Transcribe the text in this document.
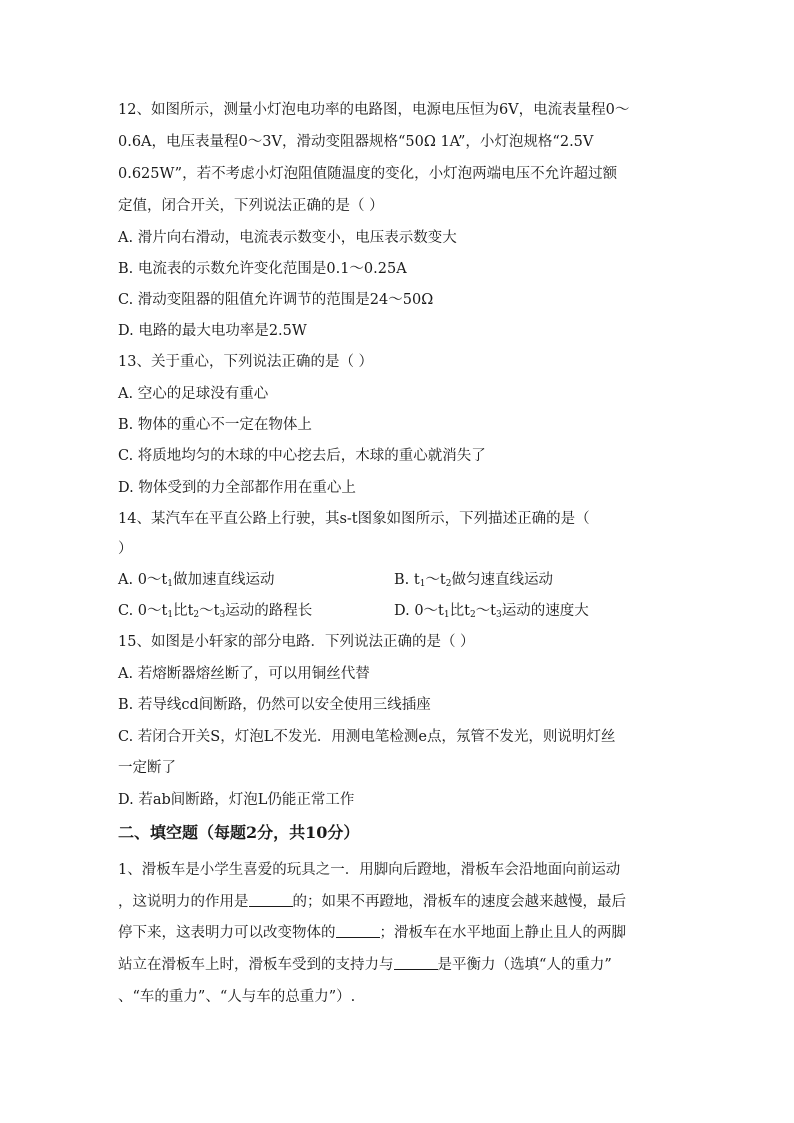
12、如图所示，测量小灯泡电功率的电路图，电源电压恒为6V，电流表量程0～
0.6A，电压表量程0～3V，滑动变阻器规格“50Ω 1A”，小灯泡规格“2.5V
0.625W”，若不考虑小灯泡阻值随温度的变化，小灯泡两端电压不允许超过额
定值，闭合开关，下列说法正确的是（ ）
A. 滑片向右滑动，电流表示数变小，电压表示数变大
B. 电流表的示数允许变化范围是0.1～0.25A
C. 滑动变阻器的阻值允许调节的范围是24～50Ω
D. 电路的最大电功率是2.5W
13、关于重心，下列说法正确的是（ ）
A. 空心的足球没有重心
B. 物体的重心不一定在物体上
C. 将质地均匀的木球的中心挖去后，木球的重心就消失了
D. 物体受到的力全部都作用在重心上
14、某汽车在平直公路上行驶，其s-t图象如图所示，下列描述正确的是（
）
A. $0\sim t_1$做加速直线运动	B. $t_1\sim t_2$做匀速直线运动
C. $0\sim t_1$比$t_2\sim t_3$运动的路程长	D. $0\sim t_1$比$t_2\sim t_3$运动的速度大
15、如图是小轩家的部分电路．下列说法正确的是（ ）
A. 若熔断器熔丝断了，可以用铜丝代替
B. 若导线cd间断路，仍然可以安全使用三线插座
C. 若闭合开关S，灯泡L不发光．用测电笔检测e点，氖管不发光，则说明灯丝
一定断了
D. 若ab间断路，灯泡L仍能正常工作
二、填空题（每题2分，共10分）
1、滑板车是小学生喜爱的玩具之一．用脚向后蹬地，滑板车会沿地面向前运动
，这说明力的作用是	的；如果不再蹬地，滑板车的速度会越来越慢，最后
停下来，这表明力可以改变物体的	；滑板车在水平地面上静止且人的两脚
站立在滑板车上时，滑板车受到的支持力与	是平衡力（选填“人的重力”
、“车的重力”、“人与车的总重力”）.
